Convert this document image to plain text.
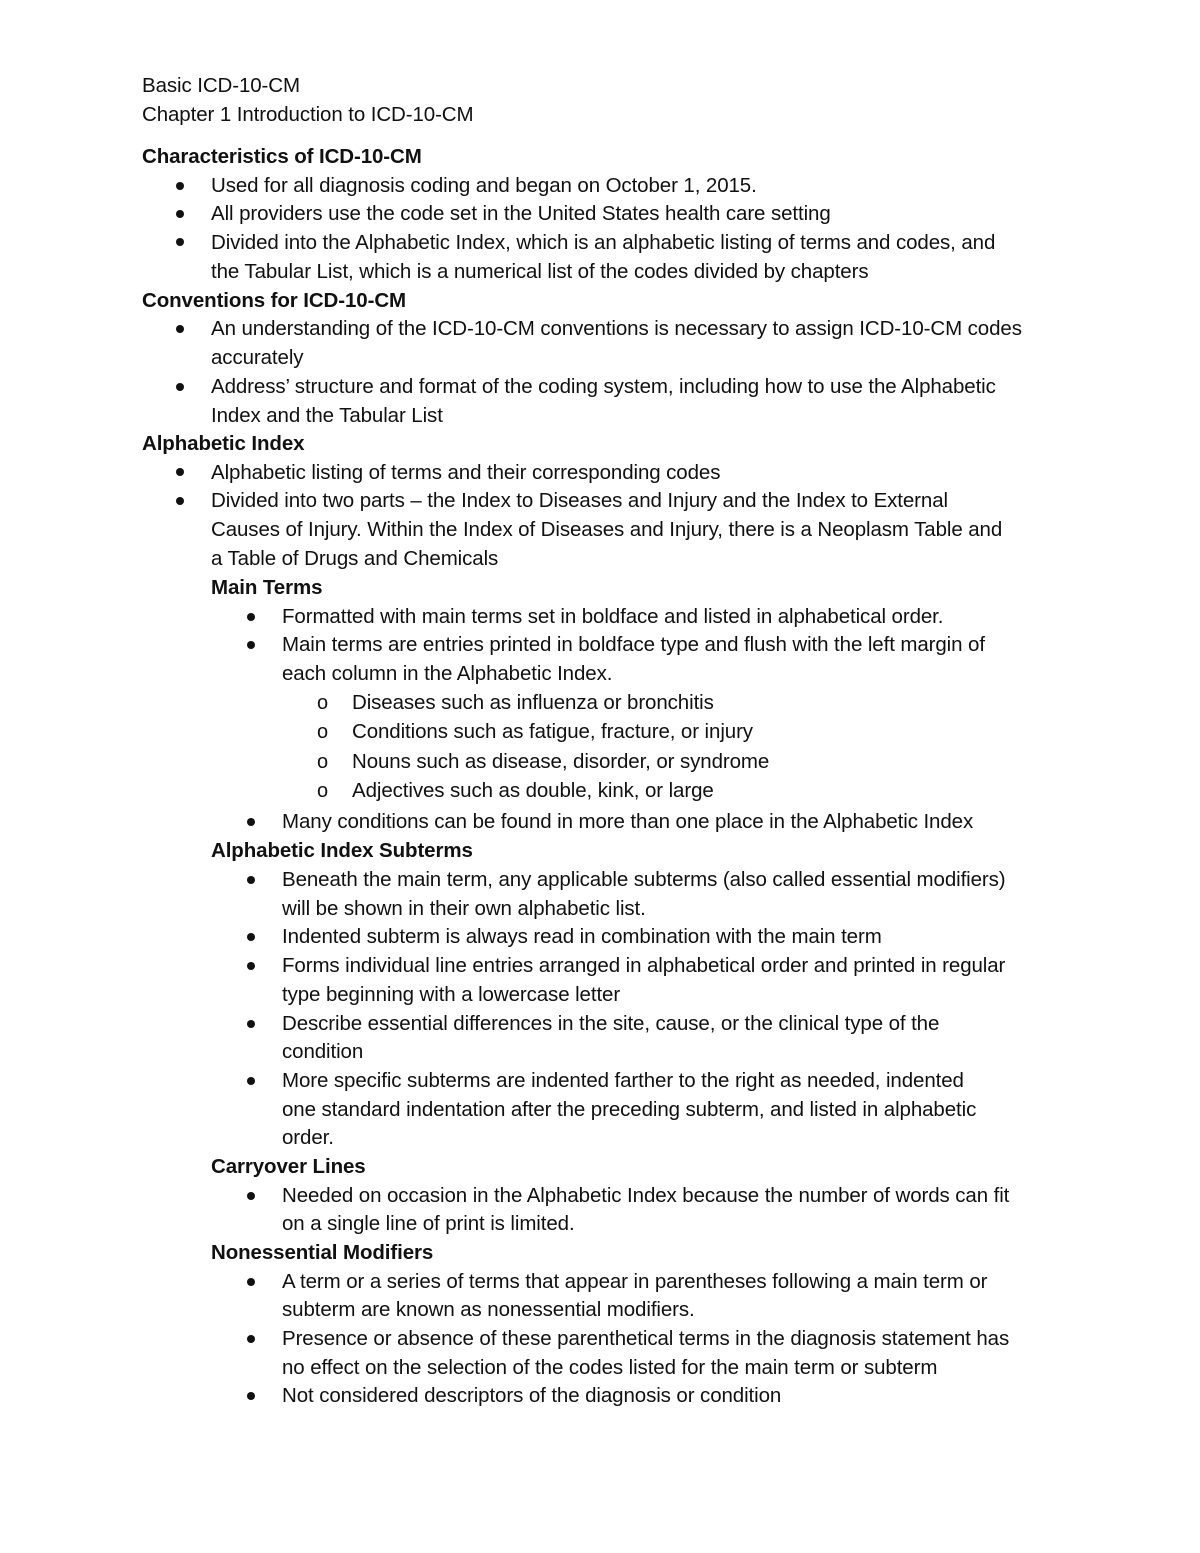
Basic ICD-10-CM
Chapter 1 Introduction to ICD-10-CM
Characteristics of ICD-10-CM
Used for all diagnosis coding and began on October 1, 2015.
All providers use the code set in the United States health care setting
Divided into the Alphabetic Index, which is an alphabetic listing of terms and codes, and
the Tabular List, which is a numerical list of the codes divided by chapters
Conventions for ICD-10-CM
An understanding of the ICD-10-CM conventions is necessary to assign ICD-10-CM codes
accurately
Address’ structure and format of the coding system, including how to use the Alphabetic
Index and the Tabular List
Alphabetic Index
Alphabetic listing of terms and their corresponding codes
Divided into two parts – the Index to Diseases and Injury and the Index to External
Causes of Injury. Within the Index of Diseases and Injury, there is a Neoplasm Table and
a Table of Drugs and Chemicals
Main Terms
Formatted with main terms set in boldface and listed in alphabetical order.
Main terms are entries printed in boldface type and flush with the left margin of
each column in the Alphabetic Index.
o Diseases such as influenza or bronchitis
o Conditions such as fatigue, fracture, or injury
o Nouns such as disease, disorder, or syndrome
o Adjectives such as double, kink, or large
Many conditions can be found in more than one place in the Alphabetic Index
Alphabetic Index Subterms
Beneath the main term, any applicable subterms (also called essential modifiers)
will be shown in their own alphabetic list.
Indented subterm is always read in combination with the main term
Forms individual line entries arranged in alphabetical order and printed in regular
type beginning with a lowercase letter
Describe essential differences in the site, cause, or the clinical type of the
condition
More specific subterms are indented farther to the right as needed, indented
one standard indentation after the preceding subterm, and listed in alphabetic
order.
Carryover Lines
Needed on occasion in the Alphabetic Index because the number of words can fit
on a single line of print is limited.
Nonessential Modifiers
A term or a series of terms that appear in parentheses following a main term or
subterm are known as nonessential modifiers.
Presence or absence of these parenthetical terms in the diagnosis statement has
no effect on the selection of the codes listed for the main term or subterm
Not considered descriptors of the diagnosis or condition
